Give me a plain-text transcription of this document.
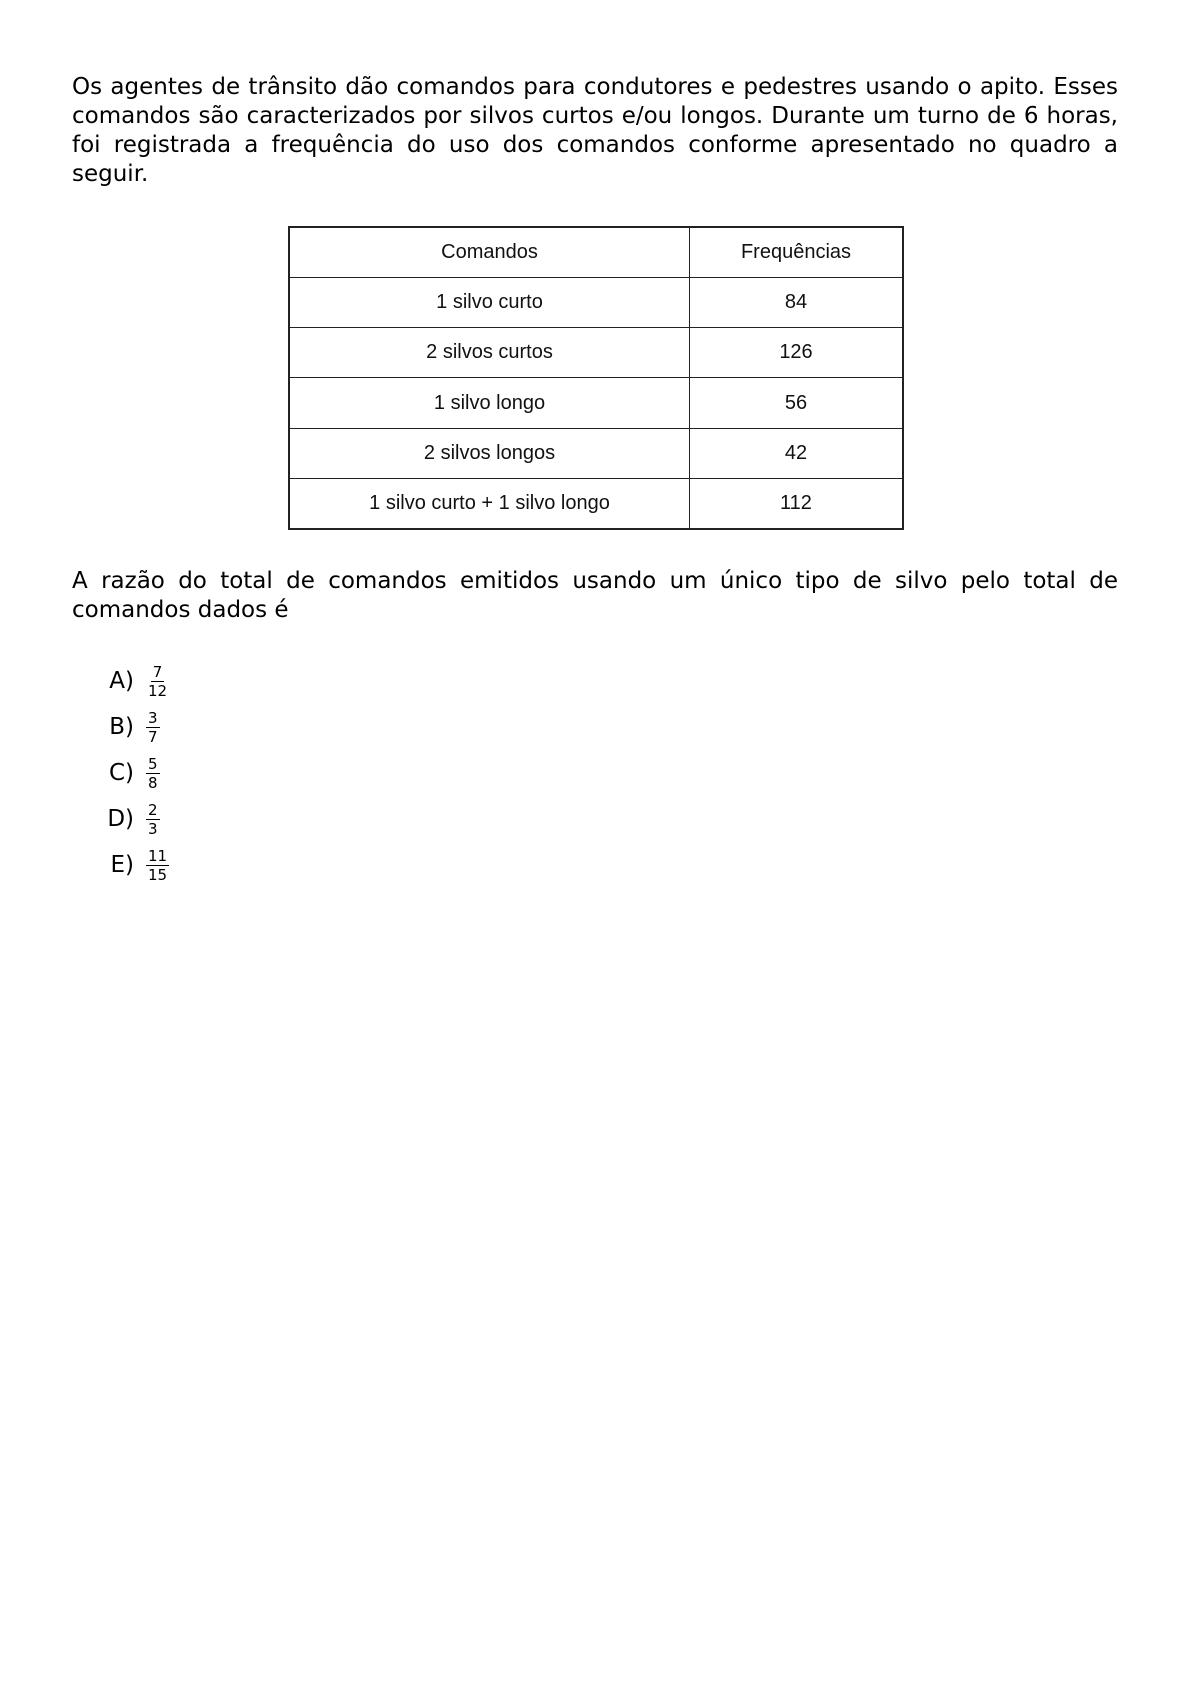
Os agentes de trânsito dão comandos para condutores e pedestres usando o apito. Esses comandos são caracterizados por silvos curtos e/ou longos. Durante um turno de 6 horas, foi registrada a frequência do uso dos comandos conforme apresentado no quadro a seguir.

Comandos	Frequências
1 silvo curto	84
2 silvos curtos	126
1 silvo longo	56
2 silvos longos	42
1 silvo curto + 1 silvo longo	112

A razão do total de comandos emitidos usando um único tipo de silvo pelo total de comandos dados é

$A) \frac{7}{12}$
$B) \frac{3}{7}$
$C) \frac{5}{8}$
$D) \frac{2}{3}$
$E) \frac{11}{15}$
